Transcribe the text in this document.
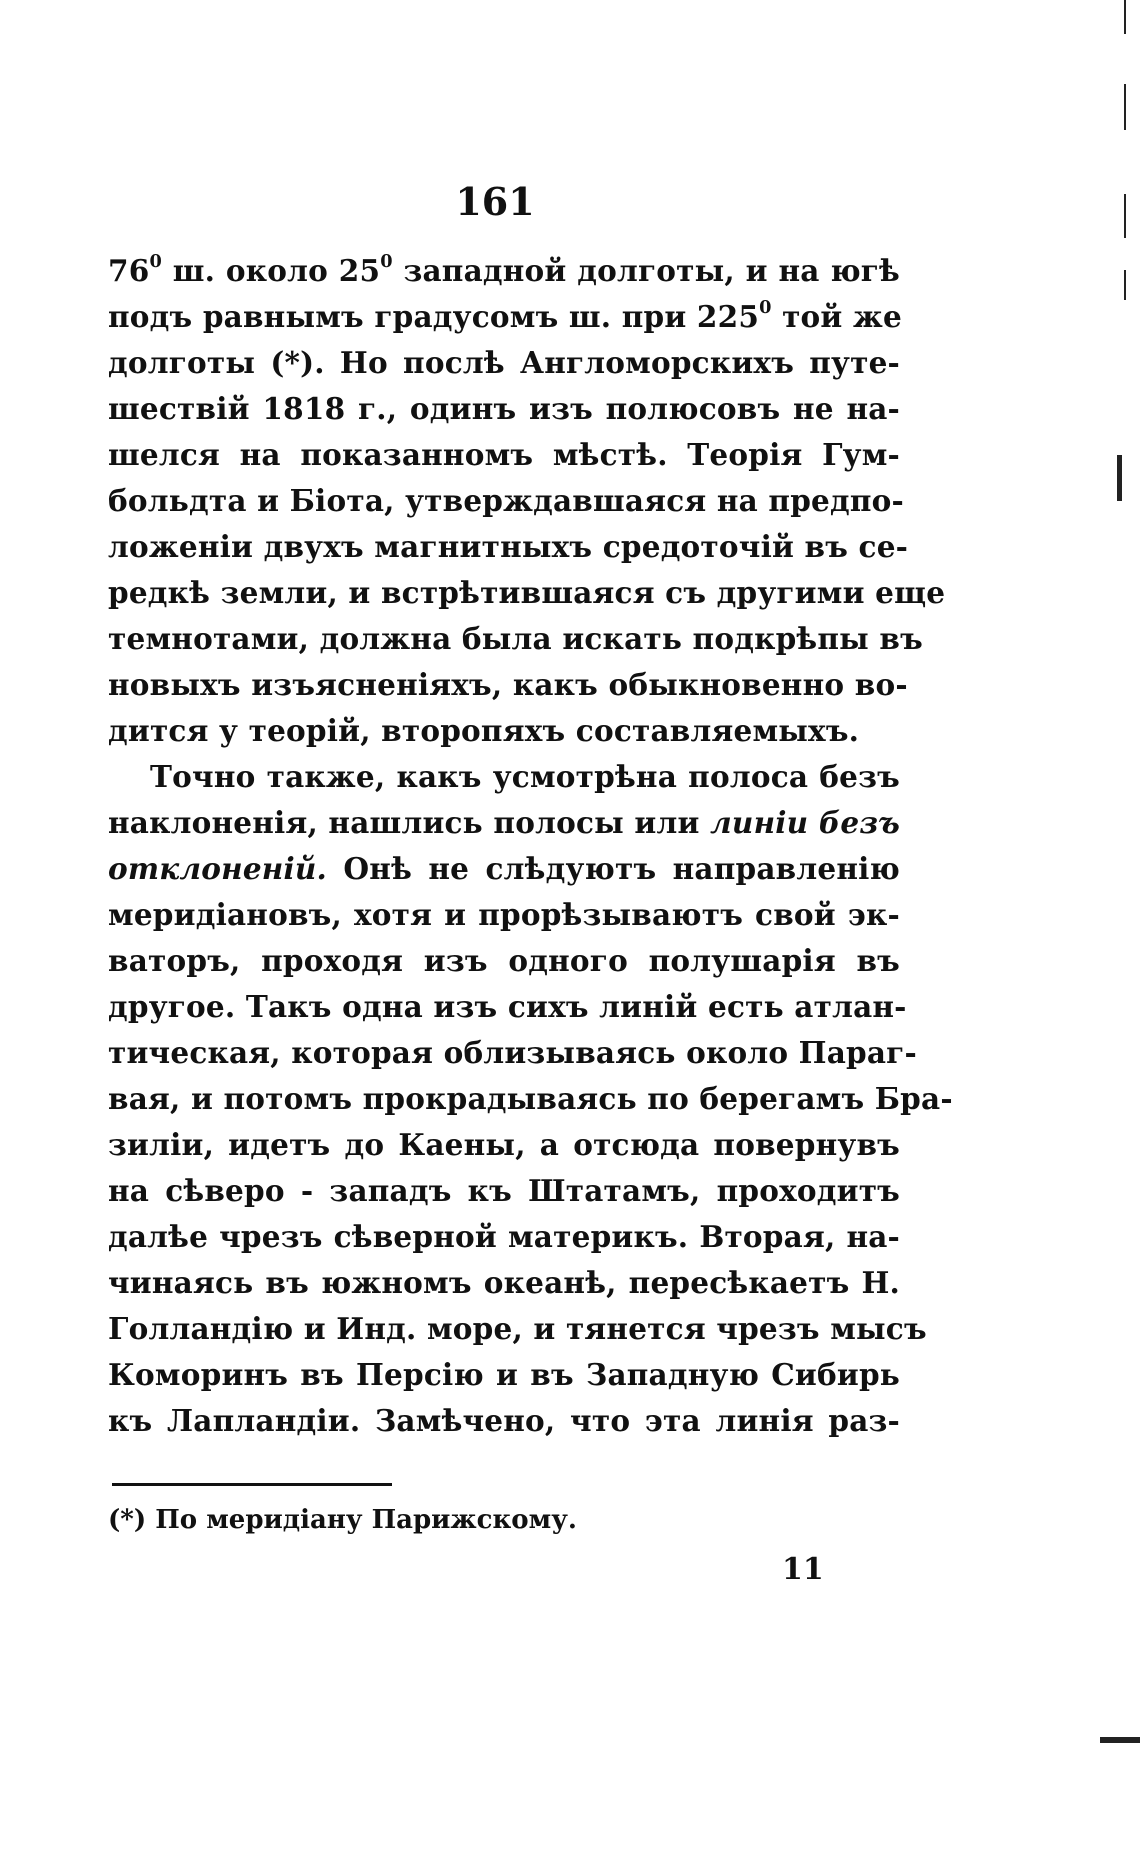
161
$76^0$ ш. около $25^0$ западной долготы, и на югѣ
подъ равнымъ градусомъ ш. при $225^0$ той же
долготы (*). Но послѣ Англоморскихъ путе-
шествій 1818 г., одинъ изъ полюсовъ не на-
шелся на показанномъ мѣстѣ. Теорія Гум-
больдта и Біота, утверждавшаяся на предпо-
ложеніи двухъ магнитныхъ средоточій въ се-
редкѣ земли, и встрѣтившаяся съ другими еще
темнотами, должна была искать подкрѣпы въ
новыхъ изъясненіяхъ, какъ обыкновенно во-
дится у теорій, второпяхъ составляемыхъ.
Точно также, какъ усмотрѣна полоса безъ
наклоненія, нашлись полосы или линіи безъ
отклоненій. Онѣ не слѣдуютъ направленію
меридіановъ, хотя и прорѣзываютъ свой эк-
ваторъ, проходя изъ одного полушарія въ
другое. Такъ одна изъ сихъ линій есть атлан-
тическая, которая облизываясь около Параг-
вая, и потомъ прокрадываясь по берегамъ Бра-
зиліи, идетъ до Каены, а отсюда повернувъ
на сѣверо - западъ къ Штатамъ, проходитъ
далѣе чрезъ сѣверной материкъ. Вторая, на-
чинаясь въ южномъ океанѣ, пересѣкаетъ Н.
Голландію и Инд. море, и тянется чрезъ мысъ
Коморинъ въ Персію и въ Западную Сибирь
къ Лапландіи. Замѣчено, что эта линія раз-
(*) По меридіану Парижскому.
11
